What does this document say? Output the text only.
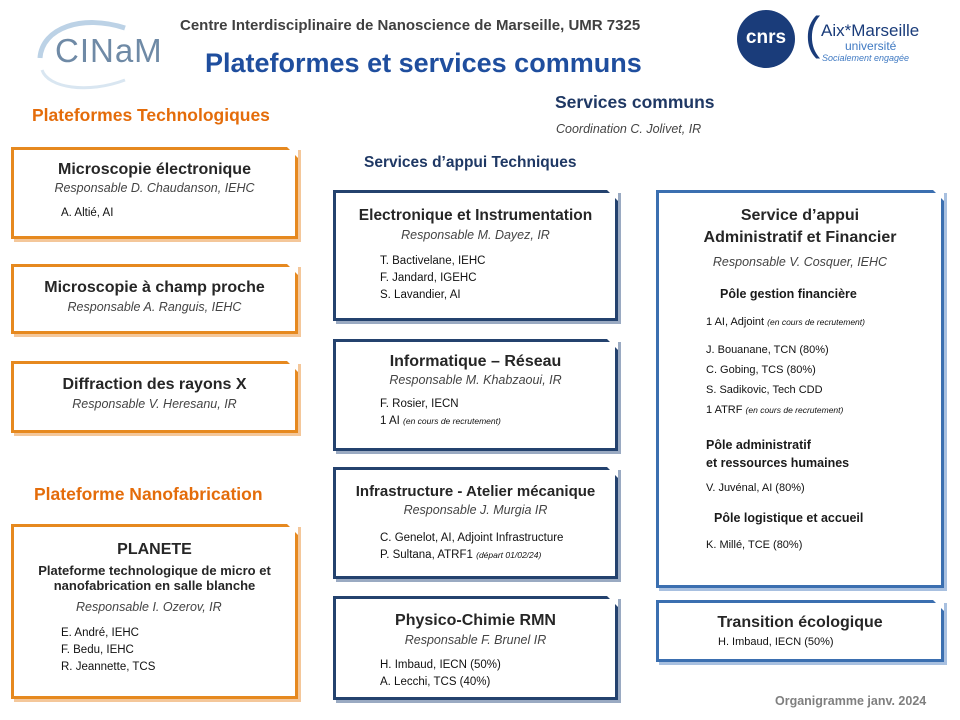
CINaM
Centre Interdisciplinaire de Nanoscience de Marseille, UMR 7325
Plateformes et services communs
cnrs ( Aix*Marseille
université
Socialement engagée
Plateformes Technologiques
Microscopie électronique
Responsable D. Chaudanson, IEHC
A. Altié, AI
Microscopie à champ proche
Responsable A. Ranguis, IEHC
Diffraction des rayons X
Responsable V. Heresanu, IR
Plateforme Nanofabrication
PLANETE
Plateforme technologique de micro et
nanofabrication en salle blanche
Responsable I. Ozerov, IR
E. André, IEHC
F. Bedu, IEHC
R. Jeannette, TCS
Services communs
Coordination C. Jolivet, IR
Services d’appui Techniques
Electronique et Instrumentation
Responsable M. Dayez, IR
T. Bactivelane, IEHC
F. Jandard, IGEHC
S. Lavandier, AI
Informatique – Réseau
Responsable M. Khabzaoui, IR
F. Rosier, IECN
1 AI (en cours de recrutement)
Infrastructure - Atelier mécanique
Responsable J. Murgia IR
C. Genelot, AI, Adjoint Infrastructure
P. Sultana, ATRF1 (départ 01/02/24)
Physico-Chimie RMN
Responsable F. Brunel IR
H. Imbaud, IECN (50%)
A. Lecchi, TCS (40%)
Service d’appui
Administratif et Financier
Responsable V. Cosquer, IEHC
Pôle gestion financière
1 AI, Adjoint (en cours de recrutement)
J. Bouanane, TCN (80%)
C. Gobing, TCS (80%)
S. Sadikovic, Tech CDD
1 ATRF (en cours de recrutement)
Pôle administratif
et ressources humaines
V. Juvénal, AI (80%)
Pôle logistique et accueil
K. Millé, TCE (80%)
Transition écologique
H. Imbaud, IECN (50%)
Organigramme janv. 2024
